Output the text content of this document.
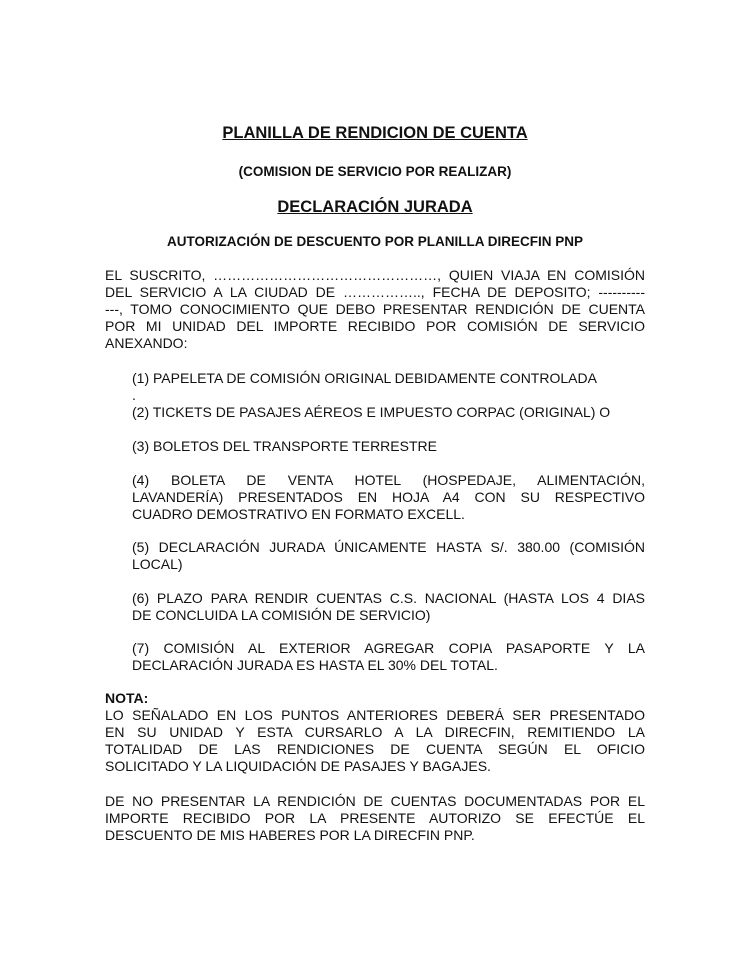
PLANILLA DE RENDICION DE CUENTA
(COMISION DE SERVICIO POR REALIZAR)
DECLARACIÓN JURADA
AUTORIZACIÓN DE DESCUENTO POR PLANILLA DIRECFIN PNP
EL SUSCRITO, …………………………………………, QUIEN VIAJA EN COMISIÓN
DEL SERVICIO A LA CIUDAD DE …………….., FECHA DE DEPOSITO; ----------
---, TOMO CONOCIMIENTO QUE DEBO PRESENTAR RENDICIÓN DE CUENTA
POR MI UNIDAD DEL IMPORTE RECIBIDO POR COMISIÓN DE SERVICIO
ANEXANDO:
(1) PAPELETA DE COMISIÓN ORIGINAL DEBIDAMENTE CONTROLADA
.
(2) TICKETS DE PASAJES AÉREOS E IMPUESTO CORPAC (ORIGINAL) O
(3) BOLETOS DEL TRANSPORTE TERRESTRE
(4) BOLETA DE VENTA HOTEL (HOSPEDAJE, ALIMENTACIÓN,
LAVANDERÍA) PRESENTADOS EN HOJA A4 CON SU RESPECTIVO
CUADRO DEMOSTRATIVO EN FORMATO EXCELL.
(5) DECLARACIÓN JURADA ÚNICAMENTE HASTA S/. 380.00 (COMISIÓN
LOCAL)
(6) PLAZO PARA RENDIR CUENTAS C.S. NACIONAL (HASTA LOS 4 DIAS
DE CONCLUIDA LA COMISIÓN DE SERVICIO)
(7) COMISIÓN AL EXTERIOR AGREGAR COPIA PASAPORTE Y LA
DECLARACIÓN JURADA ES HASTA EL 30% DEL TOTAL.
NOTA:
LO SEÑALADO EN LOS PUNTOS ANTERIORES DEBERÁ SER PRESENTADO
EN SU UNIDAD Y ESTA CURSARLO A LA DIRECFIN, REMITIENDO LA
TOTALIDAD DE LAS RENDICIONES DE CUENTA SEGÚN EL OFICIO
SOLICITADO Y LA LIQUIDACIÓN DE PASAJES Y BAGAJES.
DE NO PRESENTAR LA RENDICIÓN DE CUENTAS DOCUMENTADAS POR EL
IMPORTE RECIBIDO POR LA PRESENTE AUTORIZO SE EFECTÚE EL
DESCUENTO DE MIS HABERES POR LA DIRECFIN PNP.
